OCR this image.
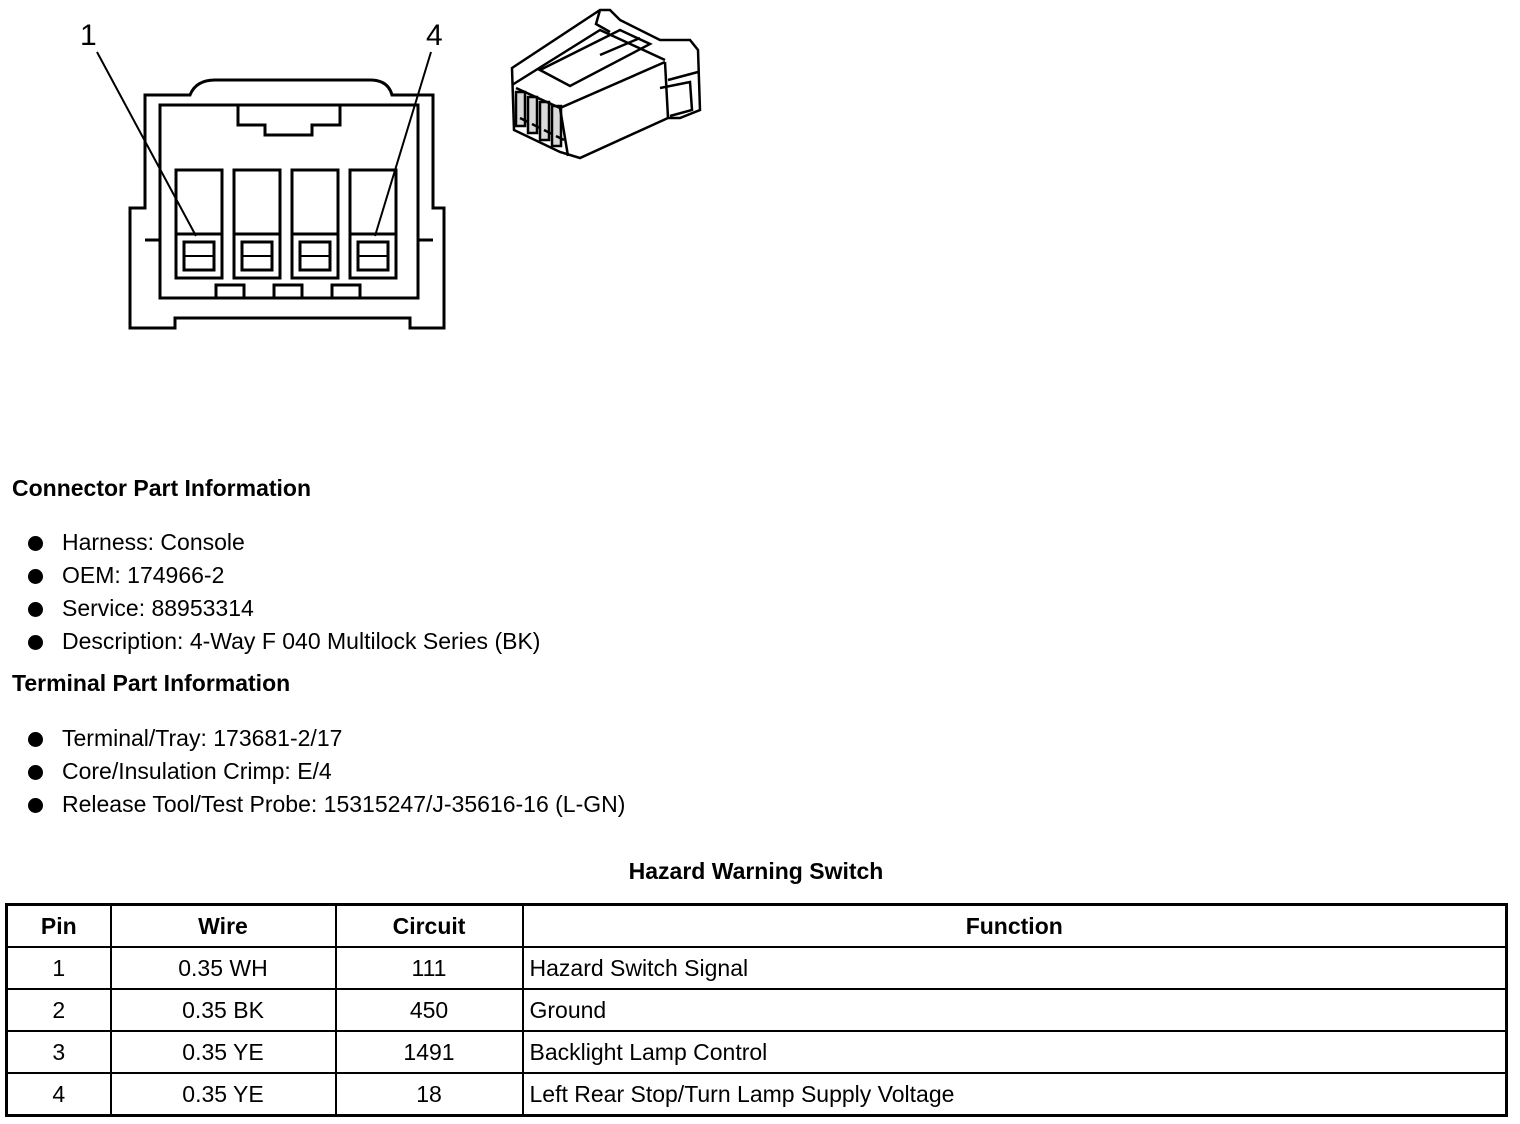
1	4
Connector Part Information
Harness: Console
OEM: 174966-2
Service: 88953314
Description: 4-Way F 040 Multilock Series (BK)
Terminal Part Information
Terminal/Tray: 173681-2/17
Core/Insulation Crimp: E/4
Release Tool/Test Probe: 15315247/J-35616-16 (L-GN)
Hazard Warning Switch
Pin	Wire	Circuit	Function
1	0.35 WH	111	Hazard Switch Signal
2	0.35 BK	450	Ground
3	0.35 YE	1491	Backlight Lamp Control
4	0.35 YE	18	Left Rear Stop/Turn Lamp Supply Voltage
